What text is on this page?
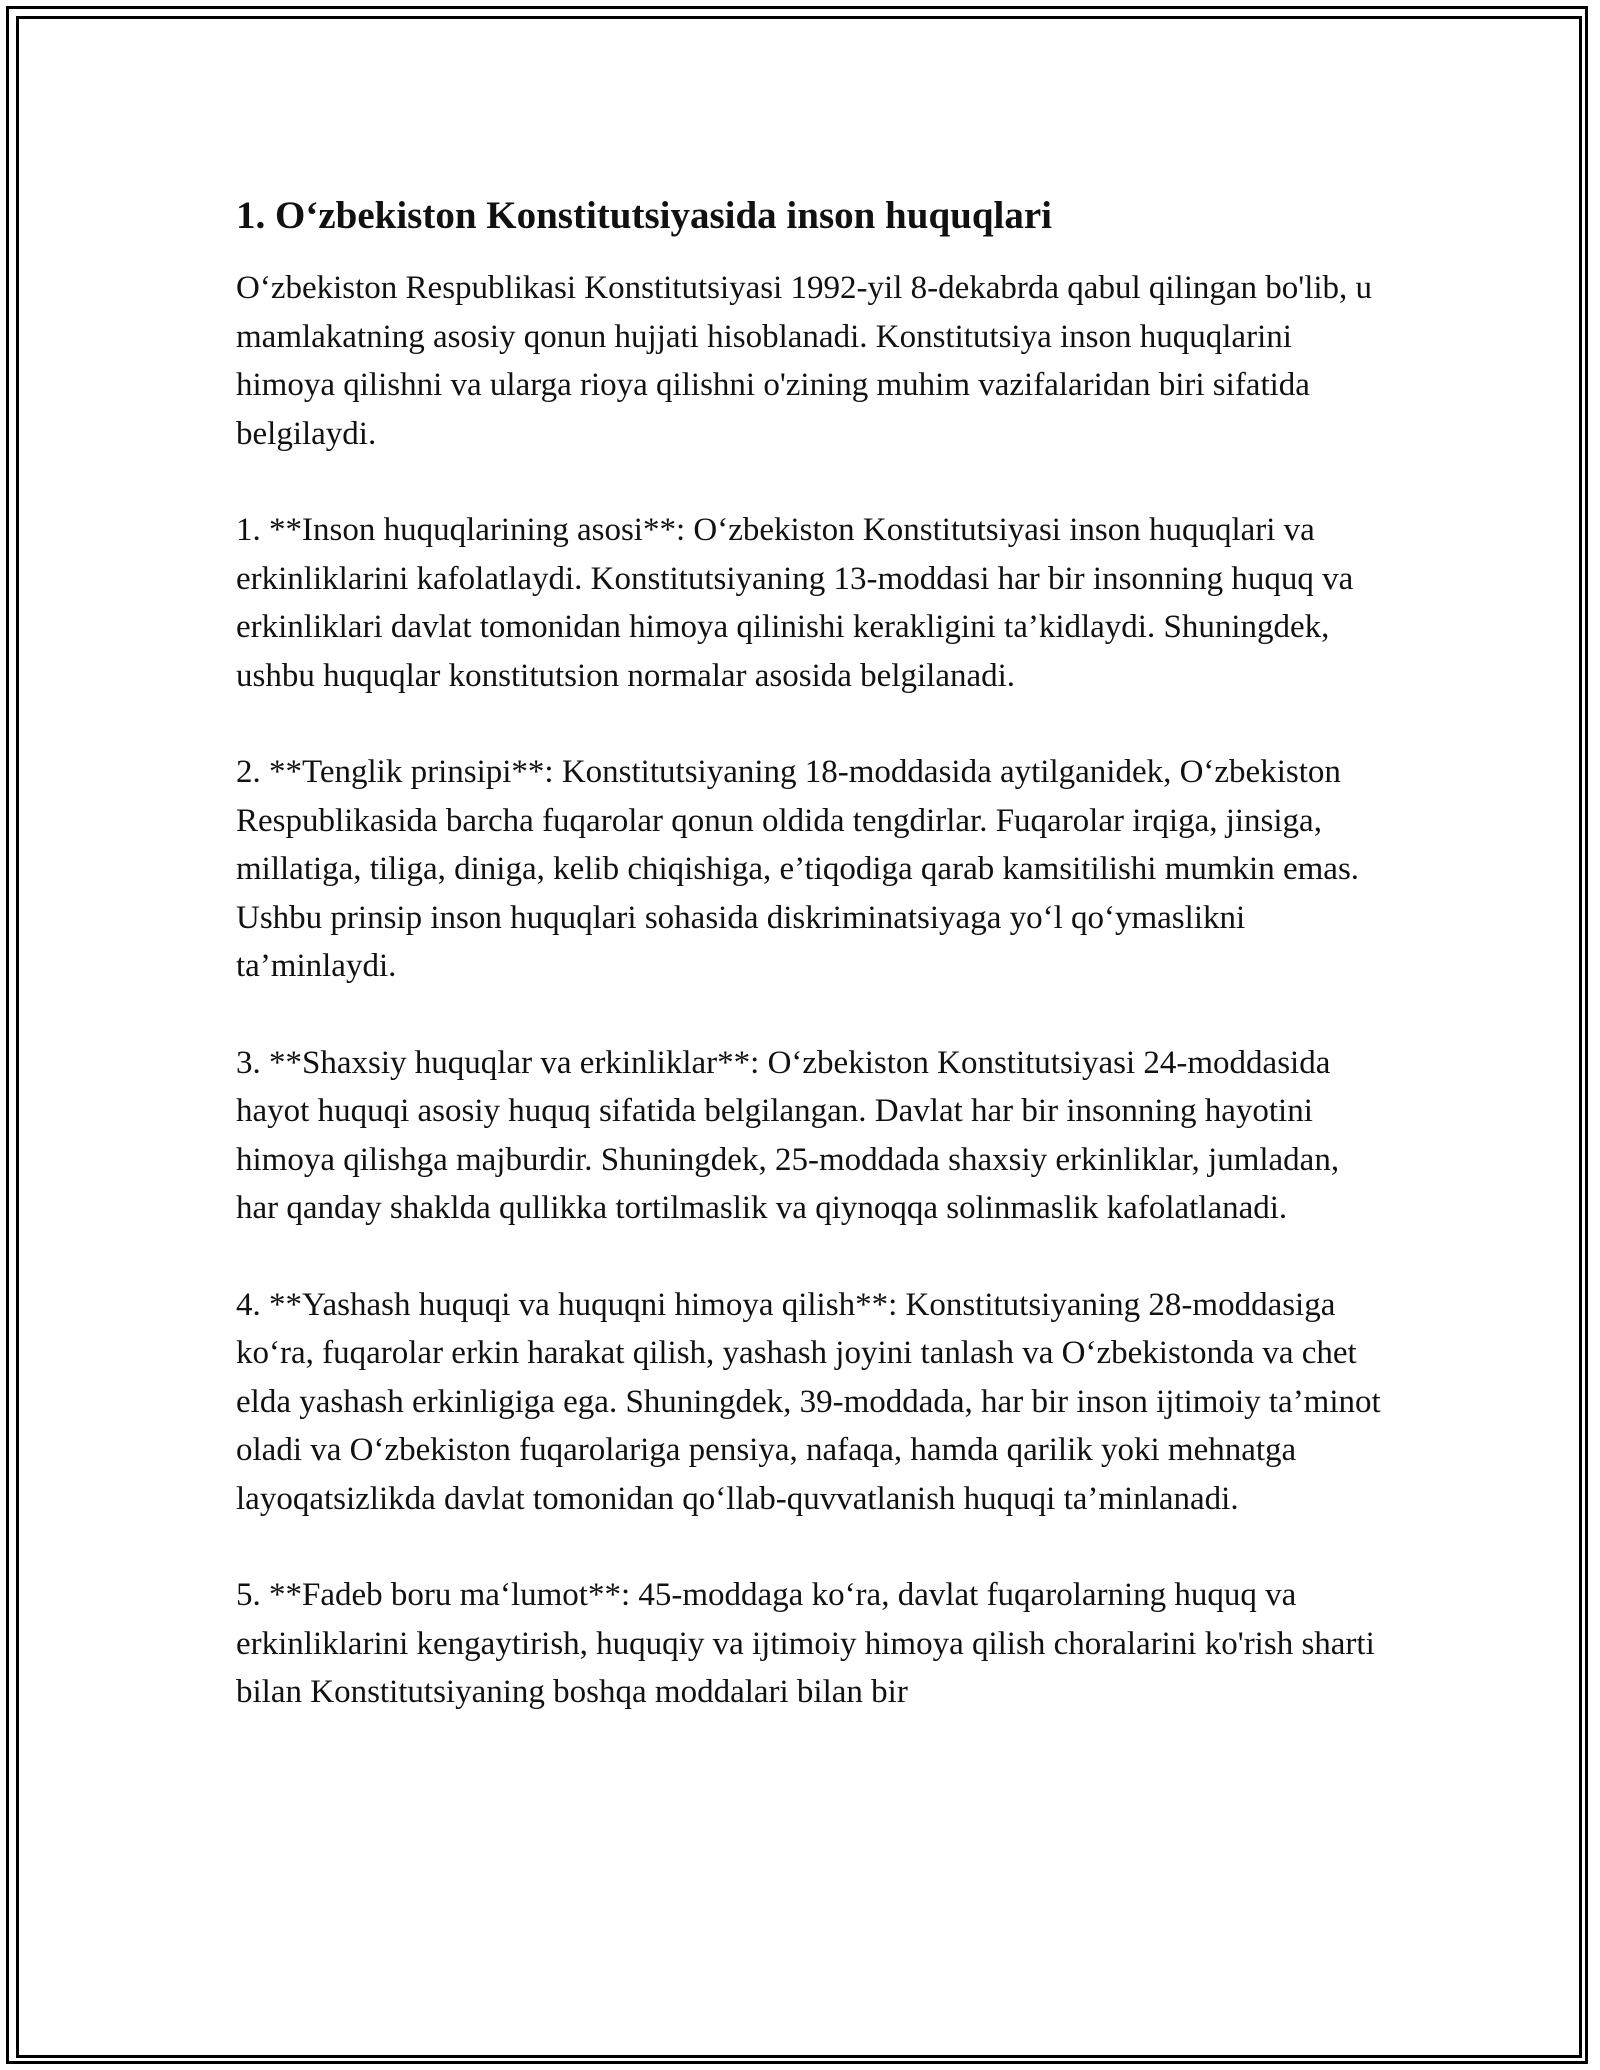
1. O‘zbekiston Konstitutsiyasida inson huquqlari

O‘zbekiston Respublikasi Konstitutsiyasi 1992-yil 8-dekabrda qabul qilingan bo'lib, u mamlakatning asosiy qonun hujjati hisoblanadi. Konstitutsiya inson huquqlarini himoya qilishni va ularga rioya qilishni o'zining muhim vazifalaridan biri sifatida belgilaydi.

1. **Inson huquqlarining asosi**: O‘zbekiston Konstitutsiyasi inson huquqlari va erkinliklarini kafolatlaydi. Konstitutsiyaning 13-moddasi har bir insonning huquq va erkinliklari davlat tomonidan himoya qilinishi kerakligini ta’kidlaydi. Shuningdek, ushbu huquqlar konstitutsion normalar asosida belgilanadi.

2. **Tenglik prinsipi**: Konstitutsiyaning 18-moddasida aytilganidek, O‘zbekiston Respublikasida barcha fuqarolar qonun oldida tengdirlar. Fuqarolar irqiga, jinsiga, millatiga, tiliga, diniga, kelib chiqishiga, e’tiqodiga qarab kamsitilishi mumkin emas. Ushbu prinsip inson huquqlari sohasida diskriminatsiyaga yo‘l qo‘ymaslikni ta’minlaydi.

3. **Shaxsiy huquqlar va erkinliklar**: O‘zbekiston Konstitutsiyasi 24-moddasida hayot huquqi asosiy huquq sifatida belgilangan. Davlat har bir insonning hayotini himoya qilishga majburdir. Shuningdek, 25-moddada shaxsiy erkinliklar, jumladan, har qanday shaklda qullikka tortilmaslik va qiynoqqa solinmaslik kafolatlanadi.

4. **Yashash huquqi va huquqni himoya qilish**: Konstitutsiyaning 28-moddasiga ko‘ra, fuqarolar erkin harakat qilish, yashash joyini tanlash va O‘zbekistonda va chet elda yashash erkinligiga ega. Shuningdek, 39-moddada, har bir inson ijtimoiy ta’minot oladi va O‘zbekiston fuqarolariga pensiya, nafaqa, hamda qarilik yoki mehnatga layoqatsizlikda davlat tomonidan qo‘llab-quvvatlanish huquqi ta’minlanadi.

5. **Fadeb boru ma‘lumot**: 45-moddaga ko‘ra, davlat fuqarolarning huquq va erkinliklarini kengaytirish, huquqiy va ijtimoiy himoya qilish choralarini ko'rish sharti bilan Konstitutsiyaning boshqa moddalari bilan bir
